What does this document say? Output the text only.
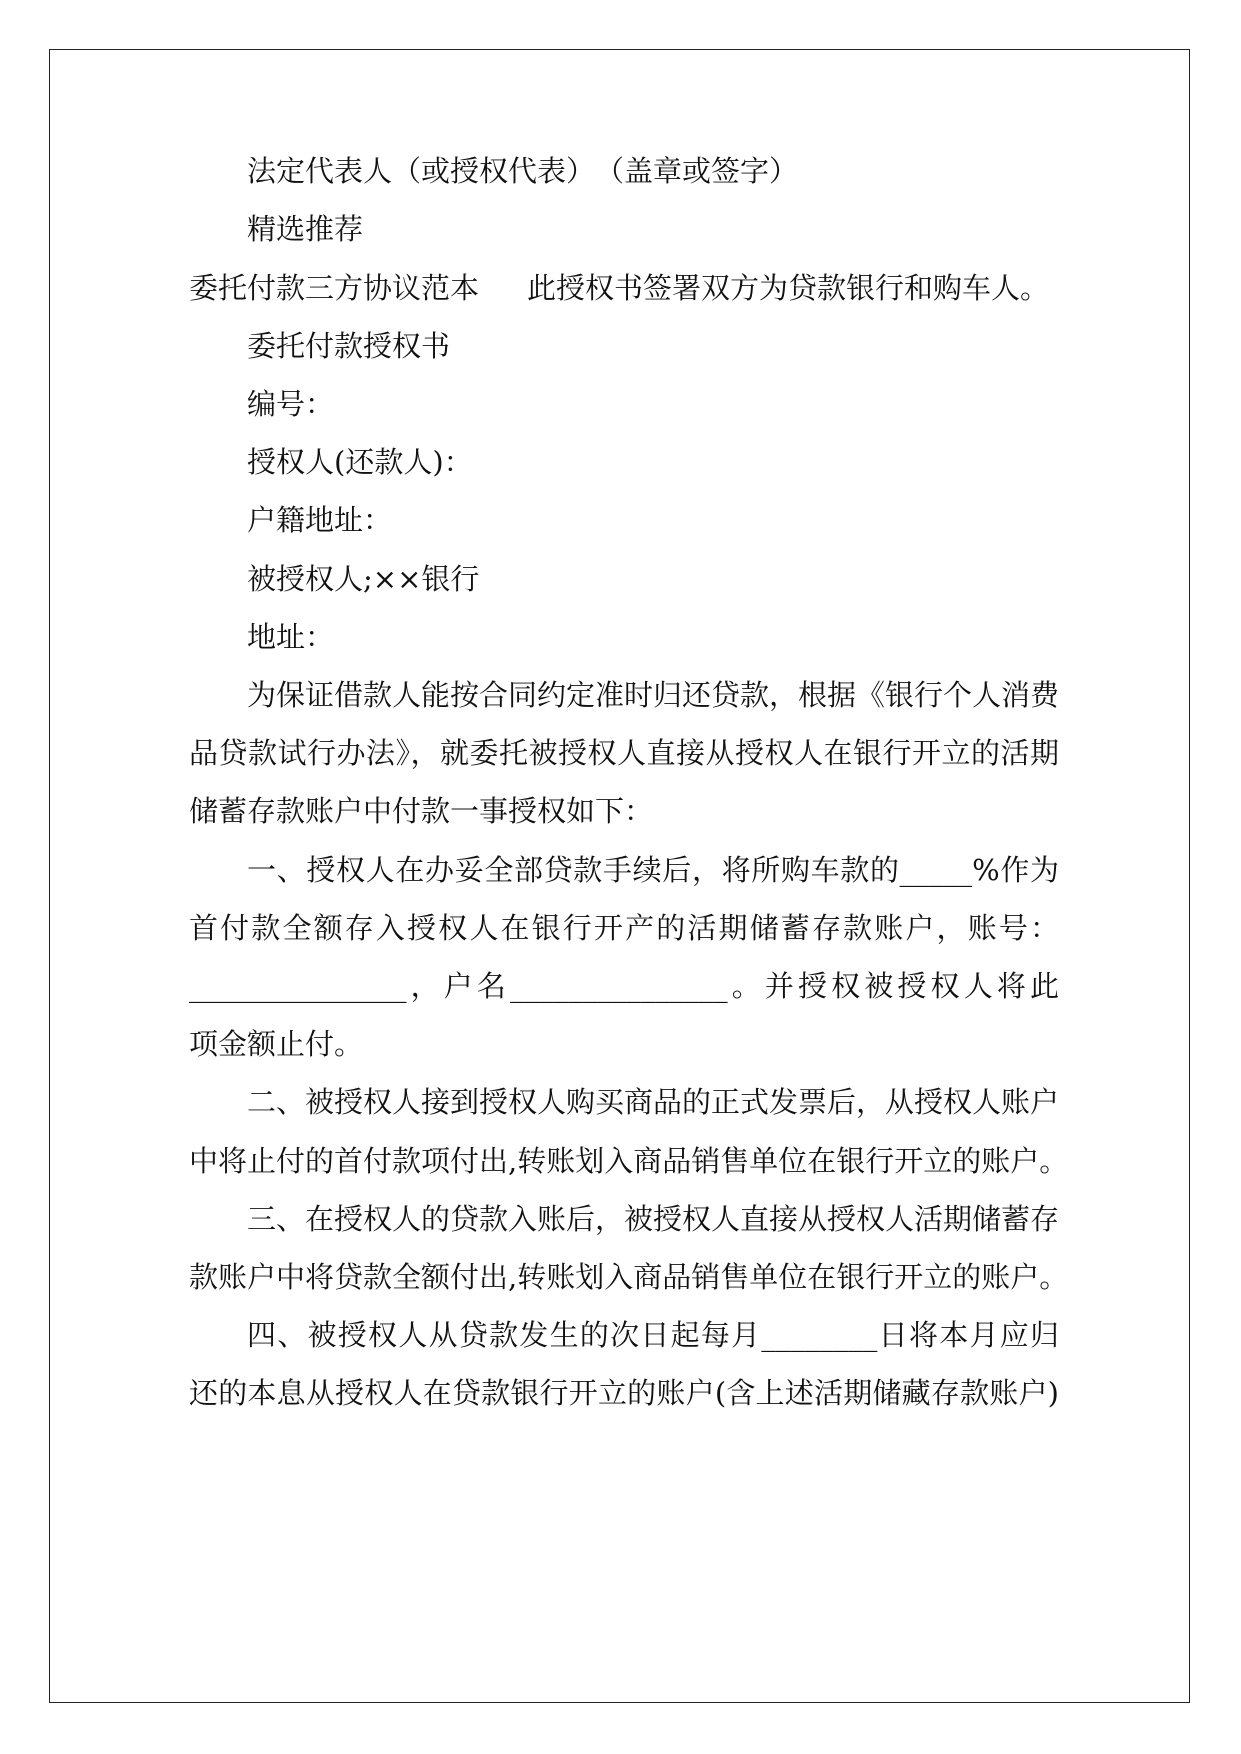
法定代表人（或授权代表）　（盖章或签字）
精选推荐
委托付款三方协议范本 此授权书签署双方为贷款银行和购车人。
委托付款授权书
编号：
授权人(还款人)：
户籍地址：
被授权人;××银行
地址：
为保证借款人能按合同约定准时归还贷款，根据《银行个人消费
品贷款试行办法》，就委托被授权人直接从授权人在银行开立的活期
储蓄存款账户中付款一事授权如下：
一、授权人在办妥全部贷款手续后，将所购车款的_____%作为
首付款全额存入授权人在银行开产的活期储蓄存款账户，账号：
_______________，户名_______________。并授权被授权人将此
项金额止付。
二、被授权人接到授权人购买商品的正式发票后，从授权人账户
中将止付的首付款项付出,转账划入商品销售单位在银行开立的账户。
三、在授权人的贷款入账后，被授权人直接从授权人活期储蓄存
款账户中将贷款全额付出,转账划入商品销售单位在银行开立的账户。
四、被授权人从贷款发生的次日起每月________日将本月应归
还的本息从授权人在贷款银行开立的账户(含上述活期储藏存款账户)
